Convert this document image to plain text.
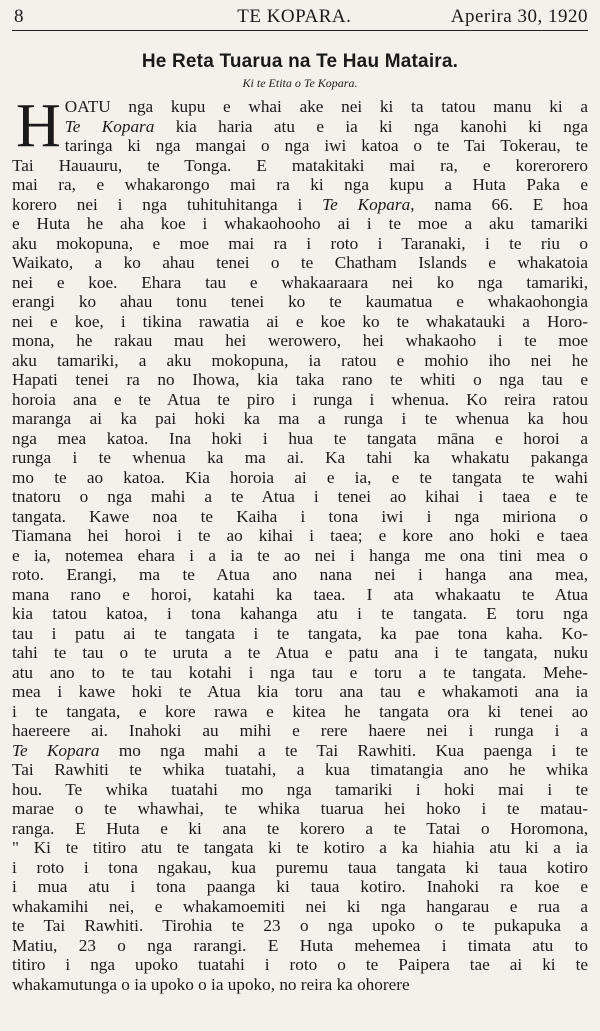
8	TE KOPARA.	Aperira 30, 1920
He Reta Tuarua na Te Hau Mataira.
Ki te Etita o Te Kopara.
H OATU nga kupu e whai ake nei ki ta tatou manu ki a
Te Kopara kia haria atu e ia ki nga kanohi ki nga
taringa ki nga mangai o nga iwi katoa o te Tai Tokerau, te
Tai Hauauru, te Tonga. E matakitaki mai ra, e korerorero
mai ra, e whakarongo mai ra ki nga kupu a Huta Paka e
korero nei i nga tuhituhitanga i Te Kopara, nama 66. E hoa
e Huta he aha koe i whakaohooho ai i te moe a aku tamariki
aku mokopuna, e moe mai ra i roto i Taranaki, i te riu o
Waikato, a ko ahau tenei o te Chatham Islands e whakatoia
nei e koe. Ehara tau e whakaaraara nei ko nga tamariki,
erangi ko ahau tonu tenei ko te kaumatua e whakaohongia
nei e koe, i tikina rawatia ai e koe ko te whakatauki a Horo-
mona, he rakau mau hei werowero, hei whakaoho i te moe
aku tamariki, a aku mokopuna, ia ratou e mohio iho nei he
Hapati tenei ra no Ihowa, kia taka rano te whiti o nga tau e
horoia ana e te Atua te piro i runga i whenua. Ko reira ratou
maranga ai ka pai hoki ka ma a runga i te whenua ka hou
nga mea katoa. Ina hoki i hua te tangata māna e horoi a
runga i te whenua ka ma ai. Ka tahi ka whakatu pakanga
mo te ao katoa. Kia horoia ai e ia, e te tangata te wahi
tnatoru o nga mahi a te Atua i tenei ao kihai i taea e te
tangata. Kawe noa te Kaiha i tona iwi i nga miriona o
Tiamana hei horoi i te ao kihai i taea; e kore ano hoki e taea
e ia, notemea ehara i a ia te ao nei i hanga me ona tini mea o
roto. Erangi, ma te Atua ano nana nei i hanga ana mea,
mana rano e horoi, katahi ka taea. I ata whakaatu te Atua
kia tatou katoa, i tona kahanga atu i te tangata. E toru nga
tau i patu ai te tangata i te tangata, ka pae tona kaha. Ko-
tahi te tau o te uruta a te Atua e patu ana i te tangata, nuku
atu ano to te tau kotahi i nga tau e toru a te tangata. Mehe-
mea i kawe hoki te Atua kia toru ana tau e whakamoti ana ia
i te tangata, e kore rawa e kitea he tangata ora ki tenei ao
haereere ai. Inahoki au mihi e rere haere nei i runga i a
Te Kopara mo nga mahi a te Tai Rawhiti. Kua paenga i te
Tai Rawhiti te whika tuatahi, a kua timatangia ano he whika
hou. Te whika tuatahi mo nga tamariki i hoki mai i te
marae o te whawhai, te whika tuarua hei hoko i te matau-
ranga. E Huta e ki ana te korero a te Tatai o Horomona,
" Ki te titiro atu te tangata ki te kotiro a ka hiahia atu ki a ia
i roto i tona ngakau, kua puremu taua tangata ki taua kotiro
i mua atu i tona paanga ki taua kotiro. Inahoki ra koe e
whakamihi nei, e whakamoemiti nei ki nga hangarau e rua a
te Tai Rawhiti. Tirohia te 23 o nga upoko o te pukapuka a
Matiu, 23 o nga rarangi. E Huta mehemea i timata atu to
titiro i nga upoko tuatahi i roto o te Paipera tae ai ki te
whakamutunga o ia upoko o ia upoko, no reira ka ohorere
